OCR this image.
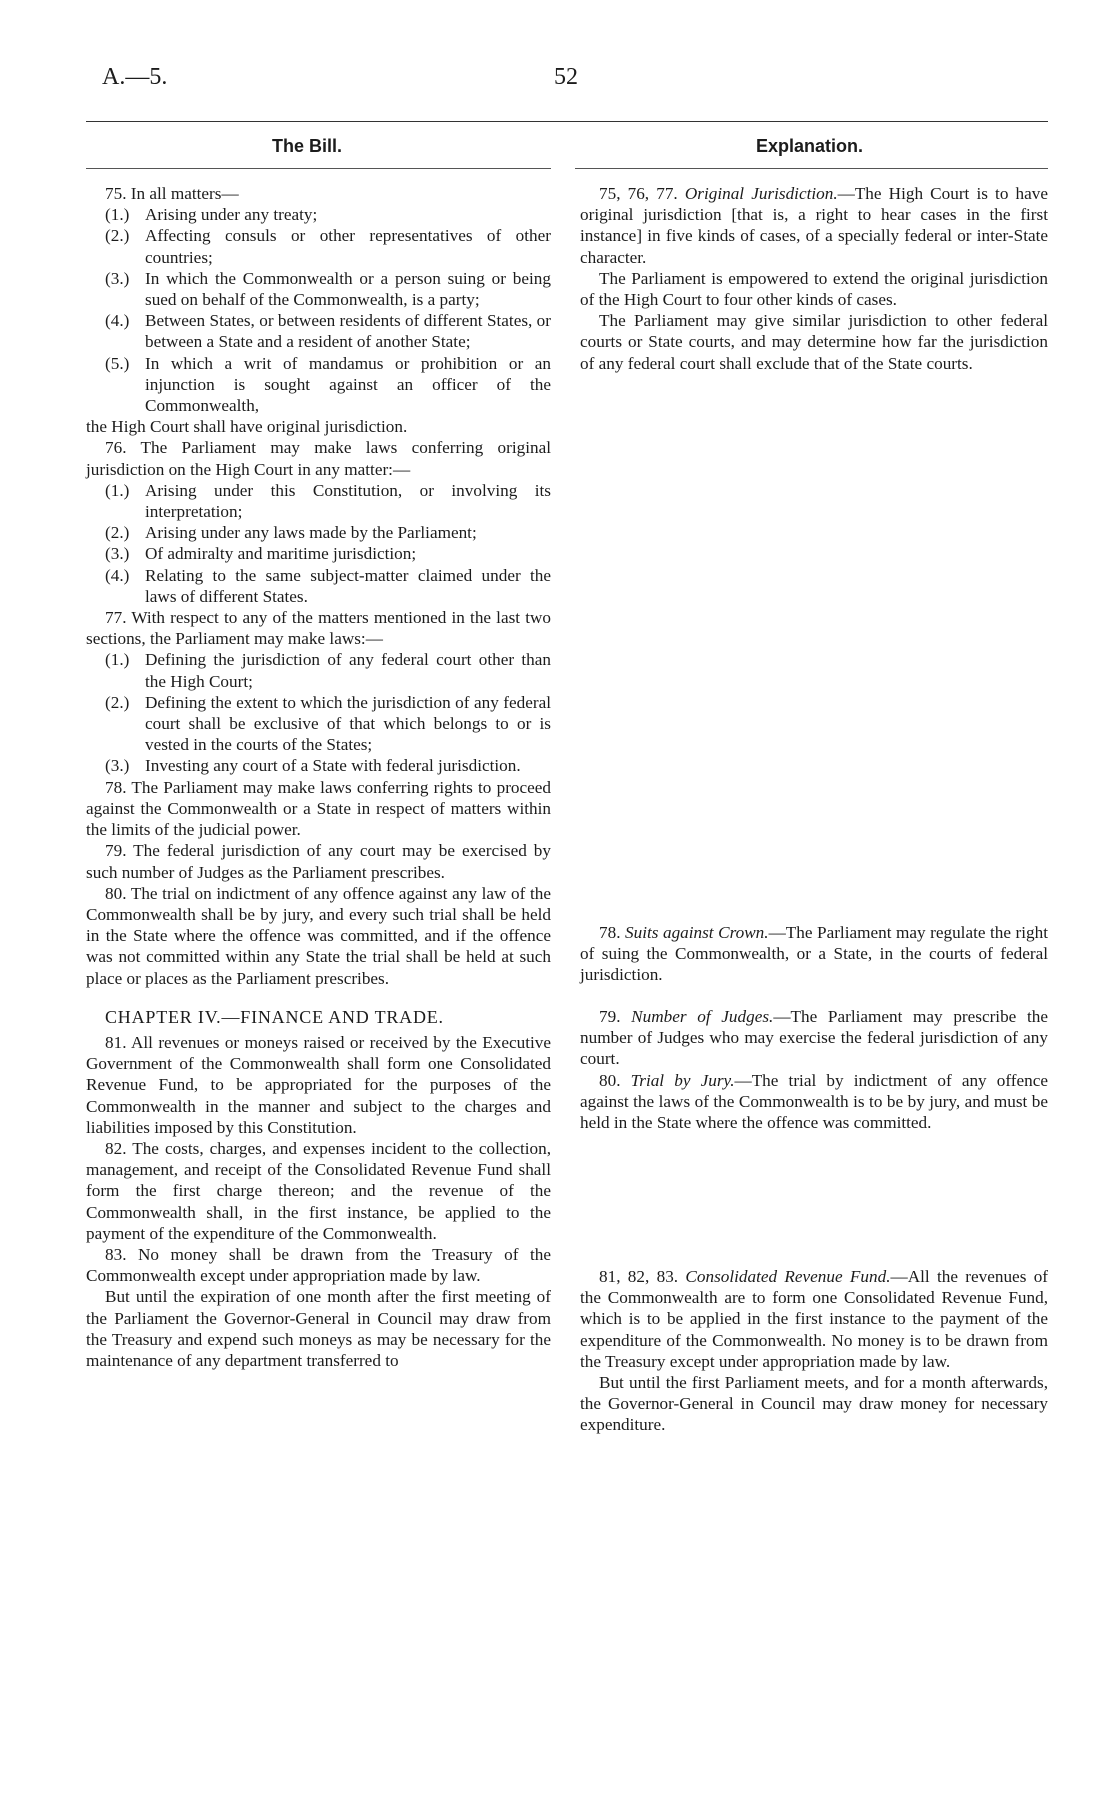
A.—5.	52
The Bill.	Explanation.

75. In all matters—

(1.) Arising under any treaty;
(2.) Affecting consuls or other representatives of other countries;
(3.) In which the Commonwealth or a person suing or being sued on behalf of the Commonwealth, is a party;
(4.) Between States, or between residents of different States, or between a State and a resident of another State;
(5.) In which a writ of mandamus or prohibition or an injunction is sought against an officer of the Commonwealth,

the High Court shall have original jurisdiction.

76. The Parliament may make laws conferring original jurisdiction on the High Court in any matter:—

(1.) Arising under this Constitution, or involving its interpretation;
(2.) Arising under any laws made by the Parliament;
(3.) Of admiralty and maritime jurisdiction;
(4.) Relating to the same subject-matter claimed under the laws of different States.

77. With respect to any of the matters mentioned in the last two sections, the Parliament may make laws:—

(1.) Defining the jurisdiction of any federal court other than the High Court;
(2.) Defining the extent to which the jurisdiction of any federal court shall be exclusive of that which belongs to or is vested in the courts of the States;
(3.) Investing any court of a State with federal jurisdiction.

78. The Parliament may make laws conferring rights to proceed against the Commonwealth or a State in respect of matters within the limits of the judicial power.

79. The federal jurisdiction of any court may be exercised by such number of Judges as the Parliament prescribes.

80. The trial on indictment of any offence against any law of the Commonwealth shall be by jury, and every such trial shall be held in the State where the offence was committed, and if the offence was not committed within any State the trial shall be held at such place or places as the Parliament prescribes.

CHAPTER IV.—FINANCE AND TRADE.

81. All revenues or moneys raised or received by the Executive Government of the Commonwealth shall form one Consolidated Revenue Fund, to be appropriated for the purposes of the Commonwealth in the manner and subject to the charges and liabilities imposed by this Constitution.

82. The costs, charges, and expenses incident to the collection, management, and receipt of the Consolidated Revenue Fund shall form the first charge thereon; and the revenue of the Commonwealth shall, in the first instance, be applied to the payment of the expenditure of the Commonwealth.

83. No money shall be drawn from the Treasury of the Commonwealth except under appropriation made by law.

But until the expiration of one month after the first meeting of the Parliament the Governor-General in Council may draw from the Treasury and expend such moneys as may be necessary for the maintenance of any department transferred to

75, 76, 77. Original Jurisdiction.—The High Court is to have original jurisdiction [that is, a right to hear cases in the first instance] in five kinds of cases, of a specially federal or inter-State character.

The Parliament is empowered to extend the original jurisdiction of the High Court to four other kinds of cases.

The Parliament may give similar jurisdiction to other federal courts or State courts, and may determine how far the jurisdiction of any federal court shall exclude that of the State courts.

78. Suits against Crown.—The Parliament may regulate the right of suing the Commonwealth, or a State, in the courts of federal jurisdiction.

79. Number of Judges.—The Parliament may prescribe the number of Judges who may exercise the federal jurisdiction of any court.

80. Trial by Jury.—The trial by indictment of any offence against the laws of the Commonwealth is to be by jury, and must be held in the State where the offence was committed.

81, 82, 83. Consolidated Revenue Fund.—All the revenues of the Commonwealth are to form one Consolidated Revenue Fund, which is to be applied in the first instance to the payment of the expenditure of the Commonwealth. No money is to be drawn from the Treasury except under appropriation made by law.

But until the first Parliament meets, and for a month afterwards, the Governor-General in Council may draw money for necessary expenditure.
